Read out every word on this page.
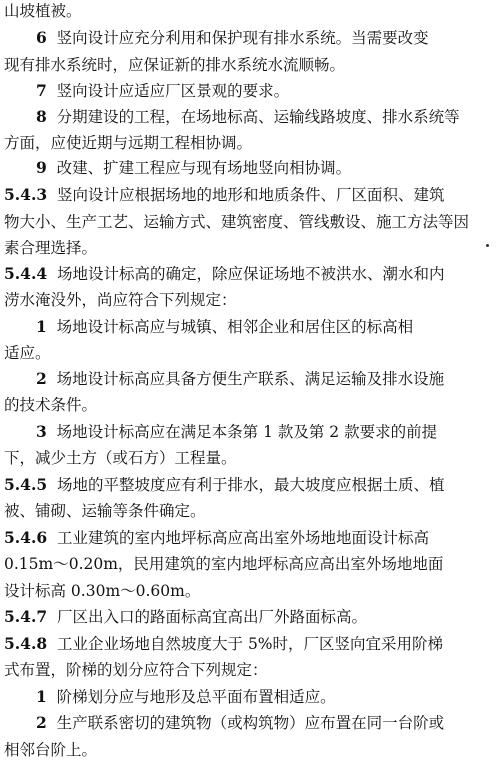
山坡植被。
6 竖向设计应充分利用和保护现有排水系统。当需要改变
现有排水系统时，应保证新的排水系统水流顺畅。
7 竖向设计应适应厂区景观的要求。
8 分期建设的工程，在场地标高、运输线路坡度、排水系统等
方面，应使近期与远期工程相协调。
9 改建、扩建工程应与现有场地竖向相协调。
5.4.3 竖向设计应根据场地的地形和地质条件、厂区面积、建筑
物大小、生产工艺、运输方式、建筑密度、管线敷设、施工方法等因
素合理选择。
5.4.4 场地设计标高的确定，除应保证场地不被洪水、潮水和内
涝水淹没外，尚应符合下列规定：
1 场地设计标高应与城镇、相邻企业和居住区的标高相
适应。
2 场地设计标高应具备方便生产联系、满足运输及排水设施
的技术条件。
3 场地设计标高应在满足本条第 1 款及第 2 款要求的前提
下，减少土方（或石方）工程量。
5.4.5 场地的平整坡度应有利于排水，最大坡度应根据土质、植
被、铺砌、运输等条件确定。
5.4.6 工业建筑的室内地坪标高应高出室外场地地面设计标高
0.15m～0.20m，民用建筑的室内地坪标高应高出室外场地地面
设计标高 0.30m～0.60m。
5.4.7 厂区出入口的路面标高宜高出厂外路面标高。
5.4.8 工业企业场地自然坡度大于 5%时，厂区竖向宜采用阶梯
式布置，阶梯的划分应符合下列规定：
1 阶梯划分应与地形及总平面布置相适应。
2 生产联系密切的建筑物（或构筑物）应布置在同一台阶或
相邻台阶上。
